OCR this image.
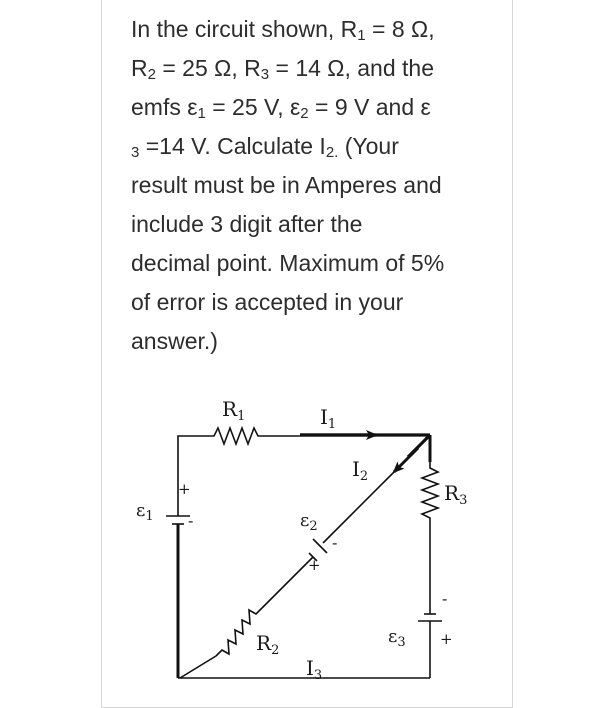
In the circuit shown, $R_1 = 8$ Ω,
$R_2 = 25$ Ω, $R_3 = 14$ Ω, and the
emfs $\varepsilon_1 = 25$ V, $\varepsilon_2 = 9$ V and ε
$_3$ =14 V. Calculate $I_{2.}$ (Your
result must be in Amperes and
include 3 digit after the
decimal point. Maximum of 5%
of error is accepted in your
answer.)

$R_1$	$I_1$
$I_2$
$R_3$
$\varepsilon_1$
+
-	$\varepsilon_2$
-
+
$R_2$
$\varepsilon_3$
-
+
$I_3$
